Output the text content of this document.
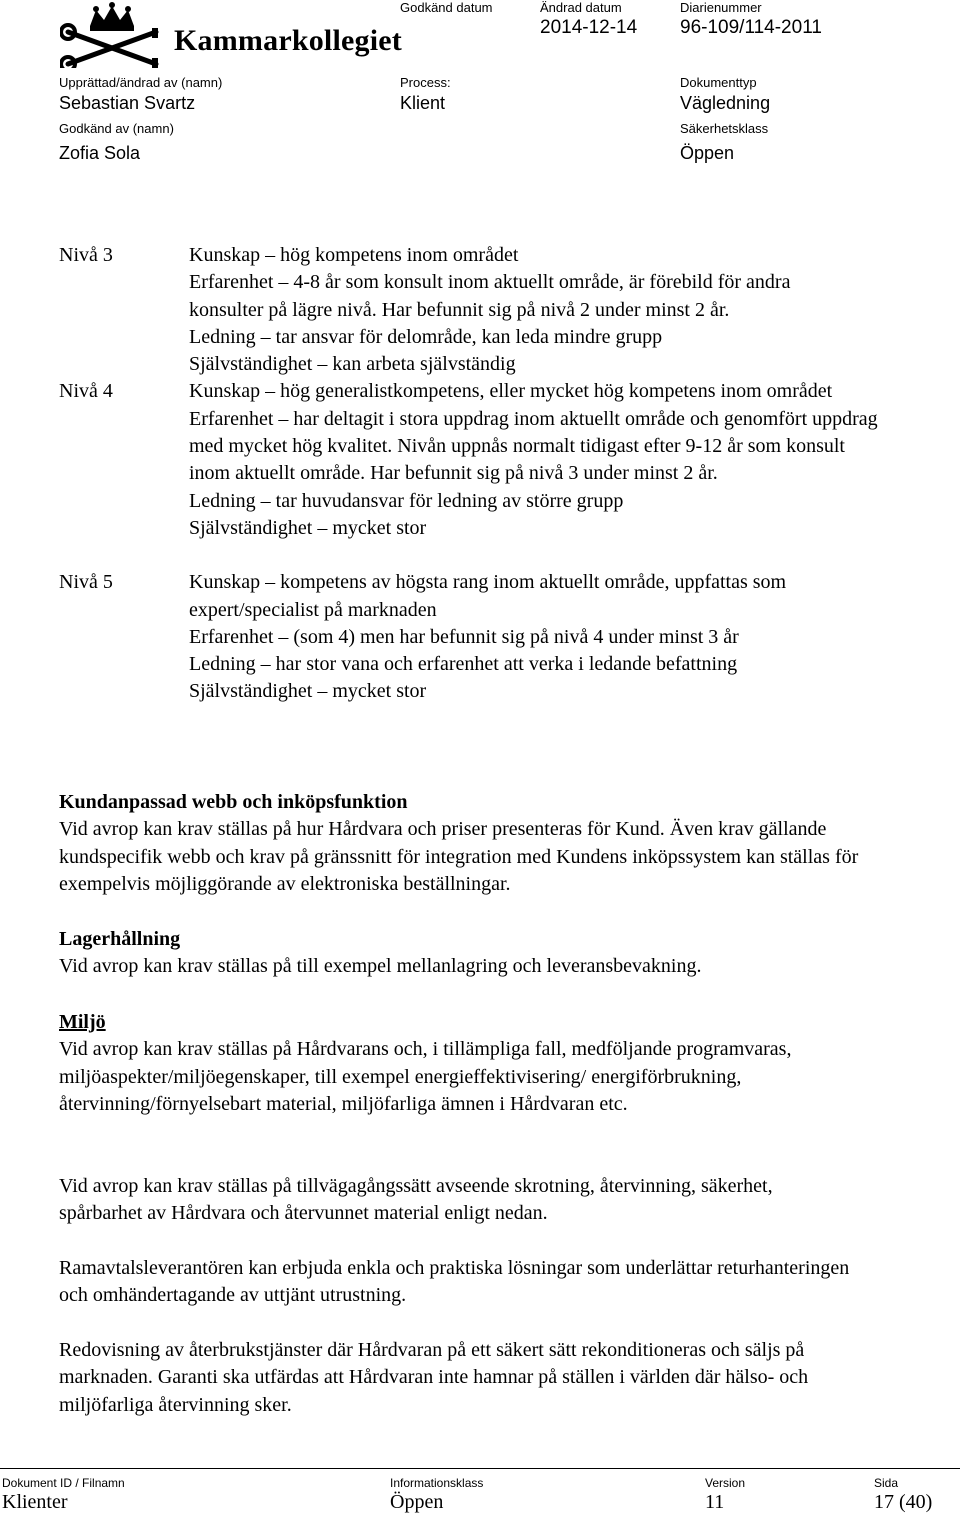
Kammarkollegiet
Godkänd datum	Ändrad datum
2014-12-14
Diarienummer
96-109/114-2011
Upprättad/ändrad av (namn)
Sebastian Svartz
Process:
Klient
Dokumenttyp
Vägledning
Godkänd av (namn)
Zofia Sola
Säkerhetsklass
Öppen
Nivå 3	Kunskap – hög kompetens inom området
Erfarenhet – 4-8 år som konsult inom aktuellt område, är förebild för andra konsulter på lägre nivå. Har befunnit sig på nivå 2 under minst 2 år.
Ledning – tar ansvar för delområde, kan leda mindre grupp
Självständighet – kan arbeta självständig
Nivå 4	Kunskap – hög generalistkompetens, eller mycket hög kompetens inom området
Erfarenhet – har deltagit i stora uppdrag inom aktuellt område och genomfört uppdrag med mycket hög kvalitet. Nivån uppnås normalt tidigast efter 9-12 år som konsult inom aktuellt område. Har befunnit sig på nivå 3 under minst 2 år.
Ledning – tar huvudansvar för ledning av större grupp
Självständighet – mycket stor
Nivå 5	Kunskap – kompetens av högsta rang inom aktuellt område, uppfattas som expert/specialist på marknaden
Erfarenhet – (som 4) men har befunnit sig på nivå 4 under minst 3 år
Ledning – har stor vana och erfarenhet att verka i ledande befattning
Självständighet – mycket stor
Kundanpassad webb och inköpsfunktion
Vid avrop kan krav ställas på hur Hårdvara och priser presenteras för Kund. Även krav gällande kundspecifik webb och krav på gränssnitt för integration med Kundens inköpssystem kan ställas för exempelvis möjliggörande av elektroniska beställningar.
Lagerhållning
Vid avrop kan krav ställas på till exempel mellanlagring och leveransbevakning.
Miljö
Vid avrop kan krav ställas på Hårdvarans och, i tillämpliga fall, medföljande programvaras, miljöaspekter/miljöegenskaper, till exempel energieffektivisering/ energiförbrukning, återvinning/förnyelsebart material, miljöfarliga ämnen i Hårdvaran etc.
Vid avrop kan krav ställas på tillvägagångssätt avseende skrotning, återvinning, säkerhet, spårbarhet av Hårdvara och återvunnet material enligt nedan.
Ramavtalsleverantören kan erbjuda enkla och praktiska lösningar som underlättar returhanteringen och omhändertagande av uttjänt utrustning.
Redovisning av återbrukstjänster där Hårdvaran på ett säkert sätt rekonditioneras och säljs på marknaden. Garanti ska utfärdas att Hårdvaran inte hamnar på ställen i världen där hälso- och miljöfarliga återvinning sker.
Dokument ID / Filnamn
Klienter
Informationsklass
Öppen
Version
11
Sida
17 (40)
